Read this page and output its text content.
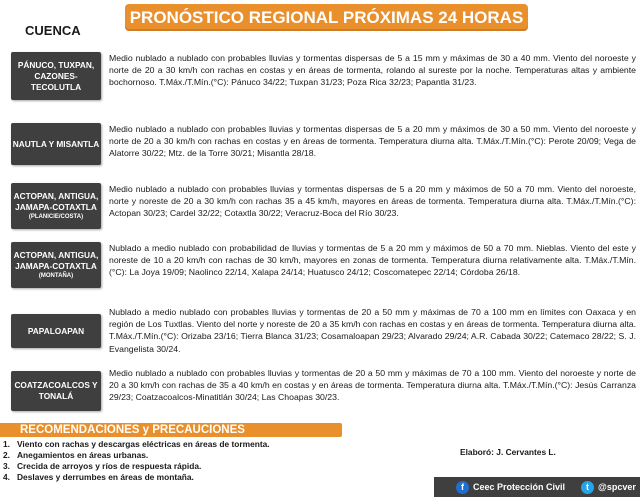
PRONÓSTICO REGIONAL PRÓXIMAS 24 HORAS
CUENCA
PÁNUCO, TUXPAN, CAZONES-TECOLUTLA

Medio nublado a nublado con probables lluvias y tormentas dispersas de 5 a 15 mm y máximas de 30 a 40 mm. Viento del noroeste y norte de 20 a 30 km/h con rachas en costas y en áreas de tormenta, rolando al sureste por la noche. Temperaturas altas y ambiente bochornoso. T.Máx./T.Mín.(°C): Pánuco 34/22; Tuxpan 31/23; Poza Rica 32/23; Papantla 31/23.

NAUTLA Y MISANTLA

Medio nublado a nublado con probables lluvias y tormentas dispersas de 5 a 20 mm y máximos de 30 a 50 mm. Viento del noroeste y norte de 20 a 30 km/h con rachas en costas y en áreas de tormenta. Temperatura diurna alta. T.Máx./T.Mín.(°C): Perote 20/09; Vega de Alatorre 30/22; Mtz. de la Torre 30/21; Misantla 28/18.

ACTOPAN, ANTIGUA, JAMAPA-COTAXTLA
(PLANICIE/COSTA)

Medio nublado a nublado con probables lluvias y tormentas dispersas de 5 a 20 mm y máximos de 50 a 70 mm. Viento del noroeste, norte y noreste de 20 a 30 km/h con rachas 35 a 45 km/h, mayores en áreas de tormenta. Temperatura diurna alta. T.Máx./T.Mín.(°C): Actopan 30/23; Cardel 32/22; Cotaxtla 30/22; Veracruz-Boca del Río 30/23.

ACTOPAN, ANTIGUA, JAMAPA-COTAXTLA
(MONTAÑA)

Nublado a medio nublado con probabilidad de lluvias y tormentas de 5 a 20 mm y máximos de 50 a 70 mm. Nieblas. Viento del este y noreste de 10 a 20 km/h con rachas de 30 km/h, mayores en zonas de tormenta. Temperatura diurna relativamente alta. T.Máx./T.Mín.(°C): La Joya 19/09; Naolinco 22/14, Xalapa 24/14; Huatusco 24/12; Coscomatepec 22/14; Córdoba 26/18.

PAPALOAPAN

Nublado a medio nublado con probables lluvias y tormentas de 20 a 50 mm y máximas de 70 a 100 mm en límites con Oaxaca y en región de Los Tuxtlas. Viento del norte y noreste de 20 a 35 km/h con rachas en costas y en áreas de tormenta. Temperatura diurna alta. T.Máx./T.Mín.(°C): Orizaba 23/16; Tierra Blanca 31/23; Cosamaloapan 29/23; Alvarado 29/24; A.R. Cabada 30/22; Catemaco 28/22; S. J. Evangelista 30/24.

COATZACOALCOS Y TONALÁ

Medio nublado a nublado con probables lluvias y tormentas de 20 a 50 mm y máximas de 70 a 100 mm. Viento del noroeste y norte de 20 a 30 km/h con rachas de 35 a 40 km/h en costas y en áreas de tormenta. Temperatura diurna alta. T.Máx./T.Mín.(°C): Jesús Carranza 29/23; Coatzacoalcos-Minatitlán 30/24; Las Choapas 30/23.

RECOMENDACIONES y PRECAUCIONES
1. Viento con rachas y descargas eléctricas en áreas de tormenta.
2. Anegamientos en áreas urbanas.
3. Crecida de arroyos y ríos de respuesta rápida.
4. Deslaves y derrumbes en áreas de montaña.
Elaboró: J. Cervantes L.
f	Ceec Protección Civil	t	@spcver
